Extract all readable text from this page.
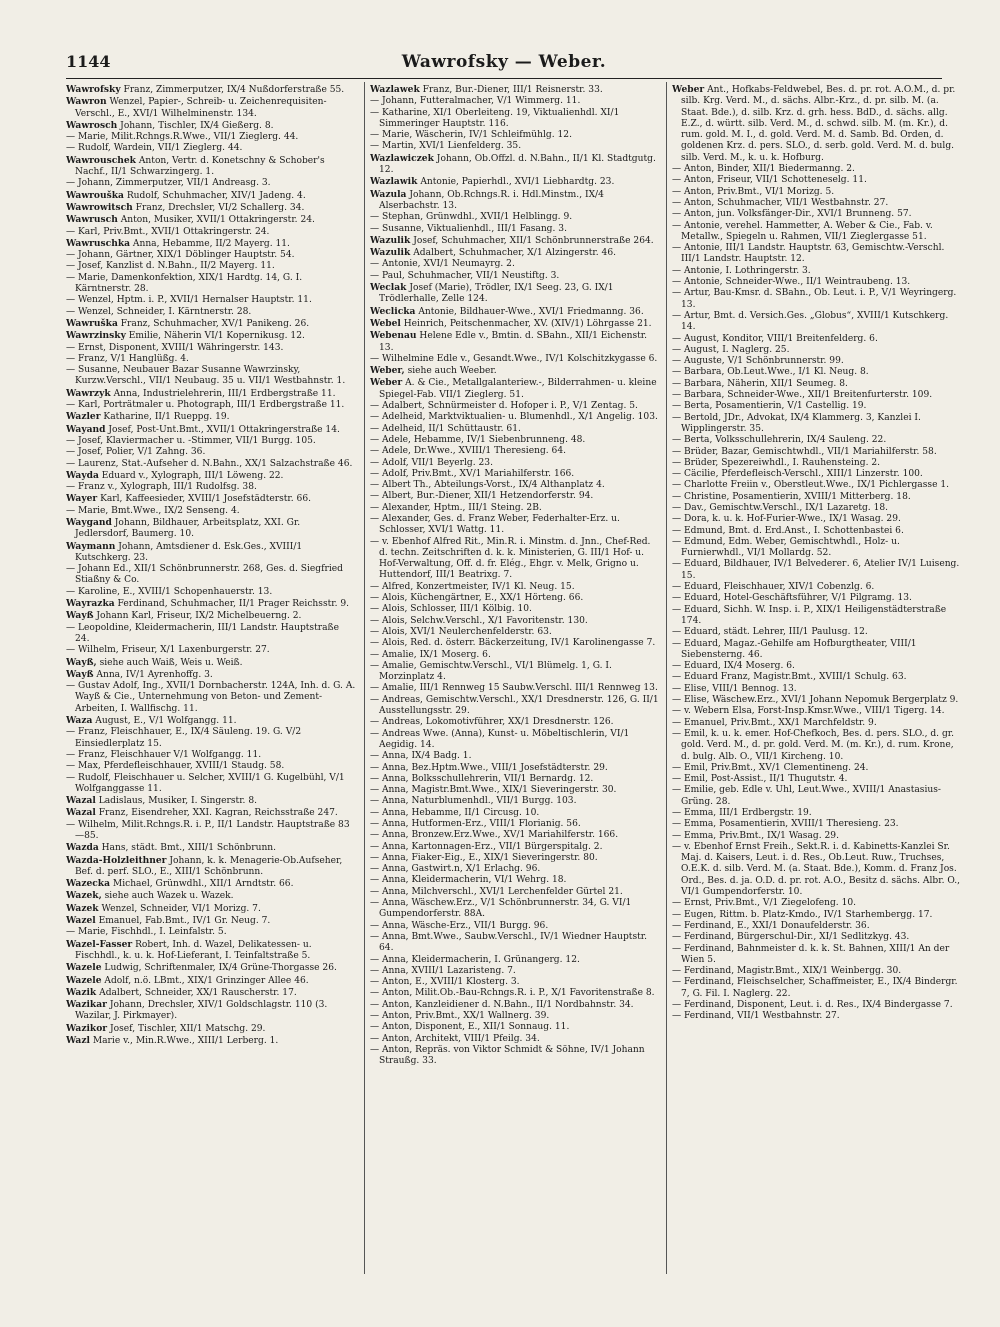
1144	Wawrofsky — Weber.

Wawrofsky Franz, Zimmerputzer, IX/4 Nußdorferstraße 55.

Wawron Wenzel, Papier-, Schreib- u. Zeichenrequisiten-Verschl., E., XVI/1 Wilhelminenstr. 134.

Wawrosch Johann, Tischler, IX/4 Gießerg. 8.

— Marie, Milit.Rchngs.R.Wwe., VII/1 Zieglerg. 44.

— Rudolf, Wardein, VII/1 Zieglerg. 44.

Wawrouschek Anton, Vertr. d. Konetschny & Schober's Nachf., II/1 Schwarzingerg. 1.

— Johann, Zimmerputzer, VII/1 Andreasg. 3.

Wawrouška Rudolf, Schuhmacher, XIV/1 Jadeng. 4.

Wawrowitsch Franz, Drechsler, VI/2 Schallerg. 34.

Wawrusch Anton, Musiker, XVII/1 Ottakringerstr. 24.

— Karl, Priv.Bmt., XVII/1 Ottakringerstr. 24.

Wawruschka Anna, Hebamme, II/2 Mayerg. 11.

— Johann, Gärtner, XIX/1 Döblinger Hauptstr. 54.

— Josef, Kanzlist d. N.Bahn., II/2 Mayerg. 11.

— Marie, Damenkonfektion, XIX/1 Hardtg. 14, G. I. Kärntnerstr. 28.

— Wenzel, Hptm. i. P., XVII/1 Hernalser Hauptstr. 11.

— Wenzel, Schneider, I. Kärntnerstr. 28.

Wawruška Franz, Schuhmacher, XV/1 Panikeng. 26.

Wawrzinsky Emilie, Näherin VI/1 Kopernikusg. 12.

— Ernst, Disponent, XVIII/1 Währingerstr. 143.

— Franz, V/1 Hanglüßg. 4.

— Susanne, Neubauer Bazar Susanne Wawrzinsky, Kurzw.Verschl., VII/1 Neubaug. 35 u. VII/1 Westbahnstr. 1.

Wawrzyk Anna, Industrielehrerin, III/1 Erdbergstraße 11.

— Karl, Porträtmaler u. Photograph, III/1 Erdbergstraße 11.

Wazler Katharine, II/1 Rueppg. 19.

Wayand Josef, Post-Unt.Bmt., XVII/1 Ottakringerstraße 14.

— Josef, Klaviermacher u. -Stimmer, VII/1 Burgg. 105.

— Josef, Polier, V/1 Zahng. 36.

— Laurenz, Stat.-Aufseher d. N.Bahn., XX/1 Salzachstraße 46.

Wayda Eduard v., Xylograph, III/1 Löweng. 22.

— Franz v., Xylograph, III/1 Rudolfsg. 38.

Wayer Karl, Kaffeesieder, XVIII/1 Josefstädterstr. 66.

— Marie, Bmt.Wwe., IX/2 Senseng. 4.

Waygand Johann, Bildhauer, Arbeitsplatz, XXI. Gr. Jedlersdorf, Baumerg. 10.

Waymann Johann, Amtsdiener d. Esk.Ges., XVIII/1 Kutschkerg. 23.

— Johann Ed., XII/1 Schönbrunnerstr. 268, Ges. d. Siegfried Stiaßny & Co.

— Karoline, E., XVIII/1 Schopenhauerstr. 13.

Wayrazka Ferdinand, Schuhmacher, II/1 Prager Reichsstr. 9.

Wayß Johann Karl, Friseur, IX/2 Michelbeuerng. 2.

— Leopoldine, Kleidermacherin, III/1 Landstr. Hauptstraße 24.

— Wilhelm, Friseur, X/1 Laxenburgerstr. 27.

Wayß, siehe auch Waiß, Weis u. Weiß.

Wayß Anna, IV/1 Ayrenhoffg. 3.

— Gustav Adolf, Ing., XVII/1 Dornbacherstr. 124A, Inh. d. G. A. Wayß & Cie., Unternehmung von Beton- und Zement-Arbeiten, I. Wallfischg. 11.

Waza August, E., V/1 Wolfgangg. 11.

— Franz, Fleischhauer, E., IX/4 Säuleng. 19. G. V/2 Einsiedlerplatz 15.

— Franz, Fleischhauer V/1 Wolfgangg. 11.

— Max, Pferdefleischhauer, XVIII/1 Staudg. 58.

— Rudolf, Fleischhauer u. Selcher, XVIII/1 G. Kugelbühl, V/1 Wolfganggasse 11.

Wazal Ladislaus, Musiker, I. Singerstr. 8.

Wazal Franz, Eisendreher, XXI. Kagran, Reichsstraße 247.

— Wilhelm, Milit.Rchngs.R. i. P., II/1 Landstr. Hauptstraße 83—85.

Wazda Hans, städt. Bmt., XIII/1 Schönbrunn.

Wazda-Holzleithner Johann, k. k. Menagerie-Ob.Aufseher, Bef. d. perf. SLO., E., XIII/1 Schönbrunn.

Wazecka Michael, Grünwdhl., XII/1 Arndtstr. 66.

Wazek, siehe auch Wazek u. Wazek.

Wazek Wenzel, Schneider, VI/1 Morizg. 7.

Wazel Emanuel, Fab.Bmt., IV/1 Gr. Neug. 7.

— Marie, Fischhdl., I. Leinfalstr. 5.

Wazel-Fasser Robert, Inh. d. Wazel, Delikatessen- u. Fischhdl., k. u. k. Hof-Lieferant, I. Teinfaltstraße 5.

Wazele Ludwig, Schriftenmaler, IX/4 Grüne-Thorgasse 26.

Wazele Adolf, n.ö. LBmt., XIX/1 Grinzinger Allee 46.

Wazik Adalbert, Schneider, XX/1 Rauscherstr. 17.

Wazikar Johann, Drechsler, XIV/1 Goldschlagstr. 110 (3. Wazilar, J. Pirkmayer).

Wazikor Josef, Tischler, XII/1 Matschg. 29.

Wazl Marie v., Min.R.Wwe., XIII/1 Lerberg. 1.

Wazlawek Franz, Bur.-Diener, III/1 Reisnerstr. 33.

— Johann, Futteralmacher, V/1 Wimmerg. 11.

— Katharine, XI/1 Oberleiteng. 19, Viktualienhdl. XI/1 Simmeringer Hauptstr. 116.

— Marie, Wäscherin, IV/1 Schleifmühlg. 12.

— Martin, XVI/1 Lienfelderg. 35.

Wazlawiczek Johann, Ob.Offzl. d. N.Bahn., II/1 Kl. Stadtgutg. 12.

Wazlawik Antonie, Papierhdl., XVI/1 Liebhardtg. 23.

Wazula Johann, Ob.Rchngs.R. i. Hdl.Minstm., IX/4 Alserbachstr. 13.

— Stephan, Grünwdhl., XVII/1 Helblingg. 9.

— Susanne, Viktualienhdl., III/1 Fasang. 3.

Wazulik Josef, Schuhmacher, XII/1 Schönbrunnerstraße 264.

Wazulik Adalbert, Schuhmacher, X/1 Alzingerstr. 46.

— Antonie, XVI/1 Neumayrg. 2.

— Paul, Schuhmacher, VII/1 Neustiftg. 3.

Weclak Josef (Marie), Trödler, IX/1 Seeg. 23, G. IX/1 Trödlerhalle, Zelle 124.

Weclicka Antonie, Bildhauer-Wwe., XVI/1 Friedmanng. 36.

Webel Heinrich, Peitschenmacher, XV. (XIV/1) Löhrgasse 21.

Webenau Helene Edle v., Bmtin. d. SBahn., XII/1 Eichenstr. 13.

— Wilhelmine Edle v., Gesandt.Wwe., IV/1 Kolschitzkygasse 6.

Weber, siehe auch Weeber.

Weber A. & Cie., Metallgalanteriew.-, Bilderrahmen- u. kleine Spiegel-Fab. VII/1 Zieglerg. 51.

— Adalbert, Schnürmeister d. Hofoper i. P., V/1 Zentag. 5.

— Adelheid, Marktviktualien- u. Blumenhdl., X/1 Angelig. 103.

— Adelheid, II/1 Schüttaustr. 61.

— Adele, Hebamme, IV/1 Siebenbrunneng. 48.

— Adele, Dr.Wwe., XVIII/1 Theresieng. 64.

— Adolf, VII/1 Beyerlg. 23.

— Adolf, Priv.Bmt., XV/1 Mariahilferstr. 166.

— Albert Th., Abteilungs-Vorst., IX/4 Althanplatz 4.

— Albert, Bur.-Diener, XII/1 Hetzendorferstr. 94.

— Alexander, Hptm., III/1 Steing. 2B.

— Alexander, Ges. d. Franz Weber, Federhalter-Erz. u. Schlosser, XVI/1 Wattg. 11.

— v. Ebenhof Alfred Rit., Min.R. i. Minstm. d. Jnn., Chef-Red. d. techn. Zeitschriften d. k. k. Ministerien, G. III/1 Hof- u. Hof-Verwaltung, Off. d. fr. Elég., Ehgr. v. Melk, Grigno u. Huttendorf, III/1 Beatrixg. 7.

— Alfred, Konzertmeister, IV/1 Kl. Neug. 15.

— Alois, Küchengärtner, E., XX/1 Hörteng. 66.

— Alois, Schlosser, III/1 Kölbig. 10.

— Alois, Selchw.Verschl., X/1 Favoritenstr. 130.

— Alois, XVI/1 Neulerchenfelderstr. 63.

— Alois, Red. d. österr. Bäckerzeitung, IV/1 Karolinengasse 7.

— Amalie, IX/1 Moserg. 6.

— Amalie, Gemischtw.Verschl., VI/1 Blümelg. 1, G. I. Morzinplatz 4.

— Amalie, III/1 Rennweg 15 Saubw.Verschl. III/1 Rennweg 13.

— Andreas, Gemischtw.Verschl., XX/1 Dresdnerstr. 126, G. II/1 Ausstellungsstr. 29.

— Andreas, Lokomotivführer, XX/1 Dresdnerstr. 126.

— Andreas Wwe. (Anna), Kunst- u. Möbeltischlerin, VI/1 Aegidig. 14.

— Anna, IX/4 Badg. 1.

— Anna, Bez.Hptm.Wwe., VIII/1 Josefstädterstr. 29.

— Anna, Bolksschullehrerin, VII/1 Bernardg. 12.

— Anna, Magistr.Bmt.Wwe., XIX/1 Sieveringerstr. 30.

— Anna, Naturblumenhdl., VII/1 Burgg. 103.

— Anna, Hebamme, II/1 Circusg. 10.

— Anna, Hutformen-Erz., VIII/1 Florianig. 56.

— Anna, Bronzew.Erz.Wwe., XV/1 Mariahilferstr. 166.

— Anna, Kartonnagen-Erz., VII/1 Bürgerspitalg. 2.

— Anna, Fiaker-Eig., E., XIX/1 Sieveringerstr. 80.

— Anna, Gastwirt.n, X/1 Erlachg. 96.

— Anna, Kleidermacherin, VI/1 Wehrg. 18.

— Anna, Milchverschl., XVI/1 Lerchenfelder Gürtel 21.

— Anna, Wäschew.Erz., V/1 Schönbrunnerstr. 34, G. VI/1 Gumpendorferstr. 88A.

— Anna, Wäsche-Erz., VII/1 Burgg. 96.

— Anna, Bmt.Wwe., Saubw.Verschl., IV/1 Wiedner Hauptstr. 64.

— Anna, Kleidermacherin, I. Grünangerg. 12.

— Anna, XVIII/1 Lazaristeng. 7.

— Anton, E., XVIII/1 Klosterg. 3.

— Anton, Milit.Ob.-Bau-Rchngs.R. i. P., X/1 Favoritenstraße 8.

— Anton, Kanzleidiener d. N.Bahn., II/1 Nordbahnstr. 34.

— Anton, Priv.Bmt., XX/1 Wallnerg. 39.

— Anton, Disponent, E., XII/1 Sonnaug. 11.

— Anton, Architekt, VIII/1 Pfeilg. 34.

— Anton, Repräs. von Viktor Schmidt & Söhne, IV/1 Johann Straußg. 33.

Weber Ant., Hofkabs-Feldwebel, Bes. d. pr. rot. A.O.M., d. pr. silb. Krg. Verd. M., d. sächs. Albr.-Krz., d. pr. silb. M. (a. Staat. Bde.), d. silb. Krz. d. grh. hess. BdD., d. sächs. allg. E.Z., d. württ. silb. Verd. M., d. schwd. silb. M. (m. Kr.), d. rum. gold. M. I., d. gold. Verd. M. d. Samb. Bd. Orden, d. goldenen Krz. d. pers. SLO., d. serb. gold. Verd. M. d. bulg. silb. Verd. M., k. u. k. Hofburg.

— Anton, Binder, XII/1 Biedermanng. 2.

— Anton, Friseur, VII/1 Schotteneselg. 11.

— Anton, Priv.Bmt., VI/1 Morizg. 5.

— Anton, Schuhmacher, VII/1 Westbahnstr. 27.

— Anton, jun. Volksfänger-Dir., XVI/1 Brunneng. 57.

— Antonie, verehel. Hammetter, A. Weber & Cie., Fab. v. Metallw., Spiegeln u. Rahmen, VII/1 Zieglergasse 51.

— Antonie, III/1 Landstr. Hauptstr. 63, Gemischtw.-Verschl. III/1 Landstr. Hauptstr. 12.

— Antonie, I. Lothringerstr. 3.

— Antonie, Schneider-Wwe., II/1 Weintraubeng. 13.

— Artur, Bau-Kmsr. d. SBahn., Ob. Leut. i. P., V/1 Weyringerg. 13.

— Artur, Bmt. d. Versich.Ges. „Globus“, XVIII/1 Kutschkerg. 14.

— August, Konditor, VIII/1 Breitenfelderg. 6.

— August, I. Naglerg. 25.

— Auguste, V/1 Schönbrunnerstr. 99.

— Barbara, Ob.Leut.Wwe., I/1 Kl. Neug. 8.

— Barbara, Näherin, XII/1 Seumeg. 8.

— Barbara, Schneider-Wwe., XII/1 Breitenfurterstr. 109.

— Berta, Posamentierin, V/1 Castellig. 19.

— Bertold, JDr., Advokat, IX/4 Klammerg. 3, Kanzlei I. Wipplingerstr. 35.

— Berta, Volksschullehrerin, IX/4 Sauleng. 22.

— Brüder, Bazar, Gemischtwhdl., VII/1 Mariahilferstr. 58.

— Brüder, Spezereiwhdl., I. Rauhensteing. 2.

— Cäcilie, Pferdefleisch-Verschl., XIII/1 Linzerstr. 100.

— Charlotte Freiin v., Oberstleut.Wwe., IX/1 Pichlergasse 1.

— Christine, Posamentierin, XVIII/1 Mitterberg. 18.

— Dav., Gemischtw.Verschl., IX/1 Lazaretg. 18.

— Dora, k. u. k. Hof-Furier-Wwe., IX/1 Wasag. 29.

— Edmund, Bmt. d. Erd.Anst., I. Schottenbastei 6.

— Edmund, Edm. Weber, Gemischtwhdl., Holz- u. Furnierwhdl., VI/1 Mollardg. 52.

— Eduard, Bildhauer, IV/1 Belvederег. 6, Atelier IV/1 Luiseng. 15.

— Eduard, Fleischhauer, XIV/1 Cobenzlg. 6.

— Eduard, Hotel-Geschäftsführer, V/1 Pilgramg. 13.

— Eduard, Sichh. W. Insp. i. P., XIX/1 Heiligenstädterstraße 174.

— Eduard, städt. Lehrer, III/1 Paulusg. 12.

— Eduard, Magaz.-Gehilfe am Hofburgtheater, VIII/1 Siebensterng. 46.

— Eduard, IX/4 Moserg. 6.

— Eduard Franz, Magistr.Bmt., XVIII/1 Schulg. 63.

— Elise, VIII/1 Bennog. 13.

— Elise, Wäschew.Erz., XVI/1 Johann Nepomuk Bergerplatz 9.

— v. Webern Elsa, Forst-Insp.Kmsr.Wwe., VIII/1 Tigerg. 14.

— Emanuel, Priv.Bmt., XX/1 Marchfeldstr. 9.

— Emil, k. u. k. emer. Hof-Chefkoch, Bes. d. pers. SLO., d. gr. gold. Verd. M., d. pr. gold. Verd. M. (m. Kr.), d. rum. Krone, d. bulg. Alb. O., VII/1 Kircheng. 10.

— Emil, Priv.Bmt., XV/1 Clementineng. 24.

— Emil, Post-Assist., II/1 Thugutstr. 4.

— Emilie, geb. Edle v. Uhl, Leut.Wwe., XVIII/1 Anastasius-Grüng. 28.

— Emma, III/1 Erdbergstr. 19.

— Emma, Posamentierin, XVIII/1 Theresieng. 23.

— Emma, Priv.Bmt., IX/1 Wasag. 29.

— v. Ebenhof Ernst Freih., Sekt.R. i. d. Kabinetts-Kanzlei Sr. Maj. d. Kaisers, Leut. i. d. Res., Ob.Leut. Ruw., Truchses, O.E.K. d. silb. Verd. M. (a. Staat. Bde.), Komm. d. Franz Jos. Ord., Bes. d. ja. O.D. d. pr. rot. A.O., Besitz d. sächs. Albr. O., VI/1 Gumpendorferstr. 10.

— Ernst, Priv.Bmt., V/1 Ziegelofeng. 10.

— Eugen, Rittm. b. Platz-Kmdo., IV/1 Starhembergg. 17.

— Ferdinand, E., XXI/1 Donaufelderstr. 36.

— Ferdinand, Bürgerschul-Dir., XI/1 Sedlitzkyg. 43.

— Ferdinand, Bahnmeister d. k. k. St. Bahnen, XIII/1 An der Wien 5.

— Ferdinand, Magistr.Bmt., XIX/1 Weinbergg. 30.

— Ferdinand, Fleischselcher, Schaffmeister, E., IX/4 Bindergr. 7, G. Fil. I. Naglerg. 22.

— Ferdinand, Disponent, Leut. i. d. Res., IX/4 Bindergasse 7.

— Ferdinand, VII/1 Westbahnstr. 27.
